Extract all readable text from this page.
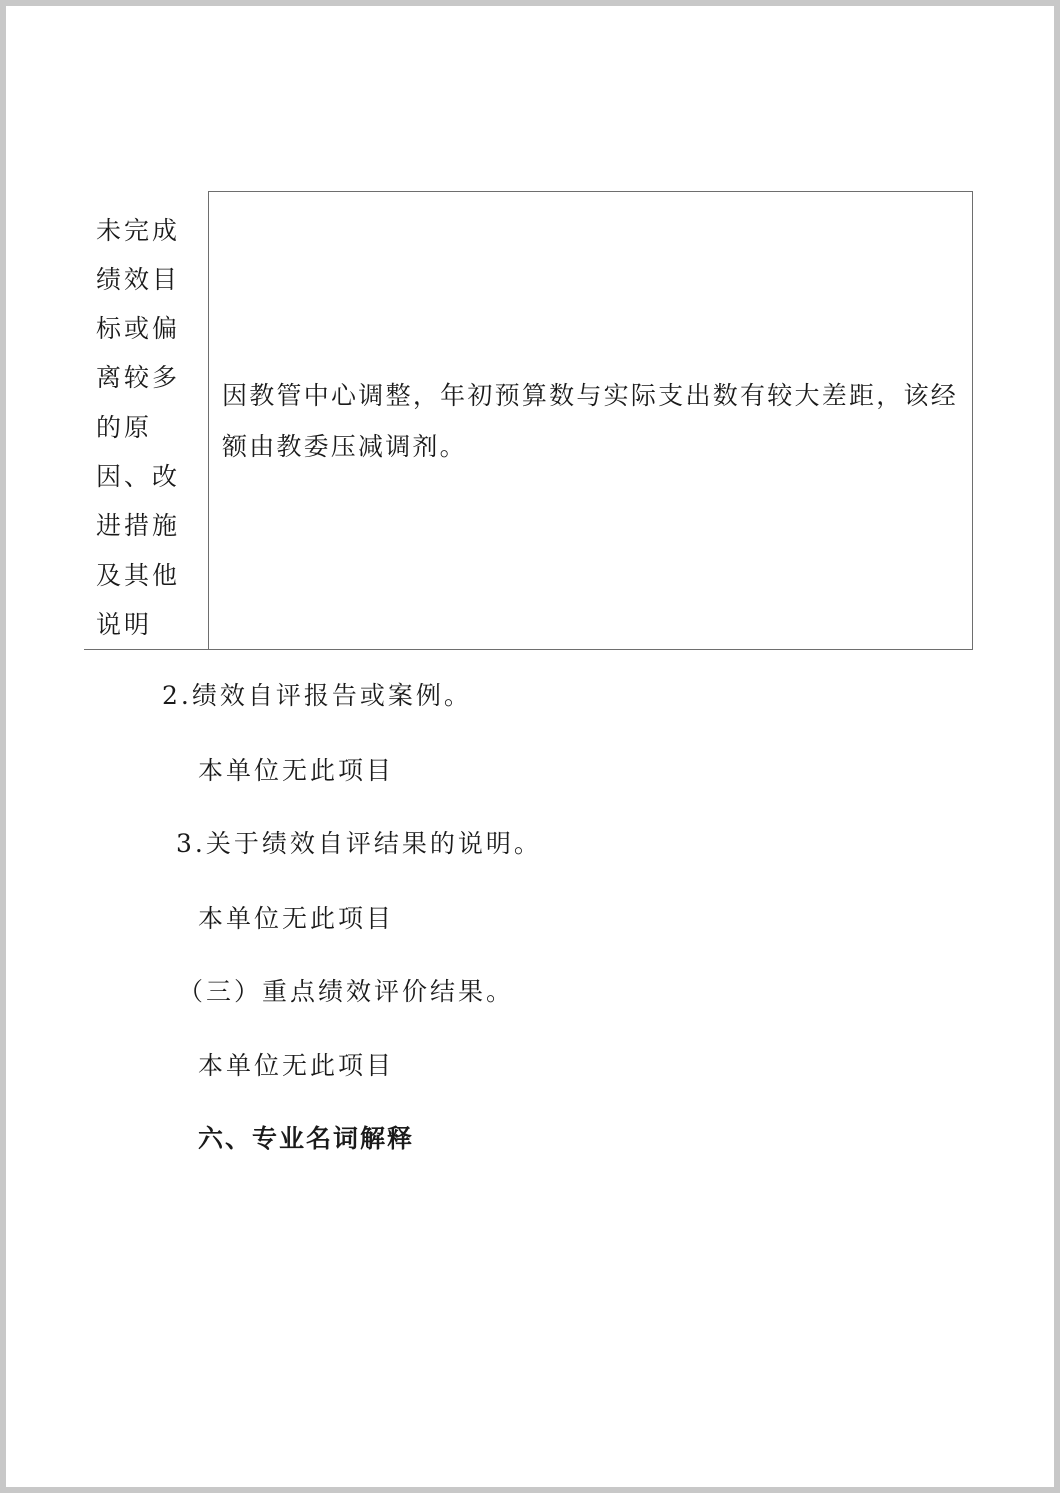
未完成
绩效目
标或偏
离较多
的原
因、改
进措施
及其他
说明

因教管中心调整，年初预算数与实际支出数有较大差距，该经额由教委压减调剂。
2.绩效自评报告或案例。
本单位无此项目
3.关于绩效自评结果的说明。
本单位无此项目
（三）重点绩效评价结果。
本单位无此项目
六、专业名词解释
